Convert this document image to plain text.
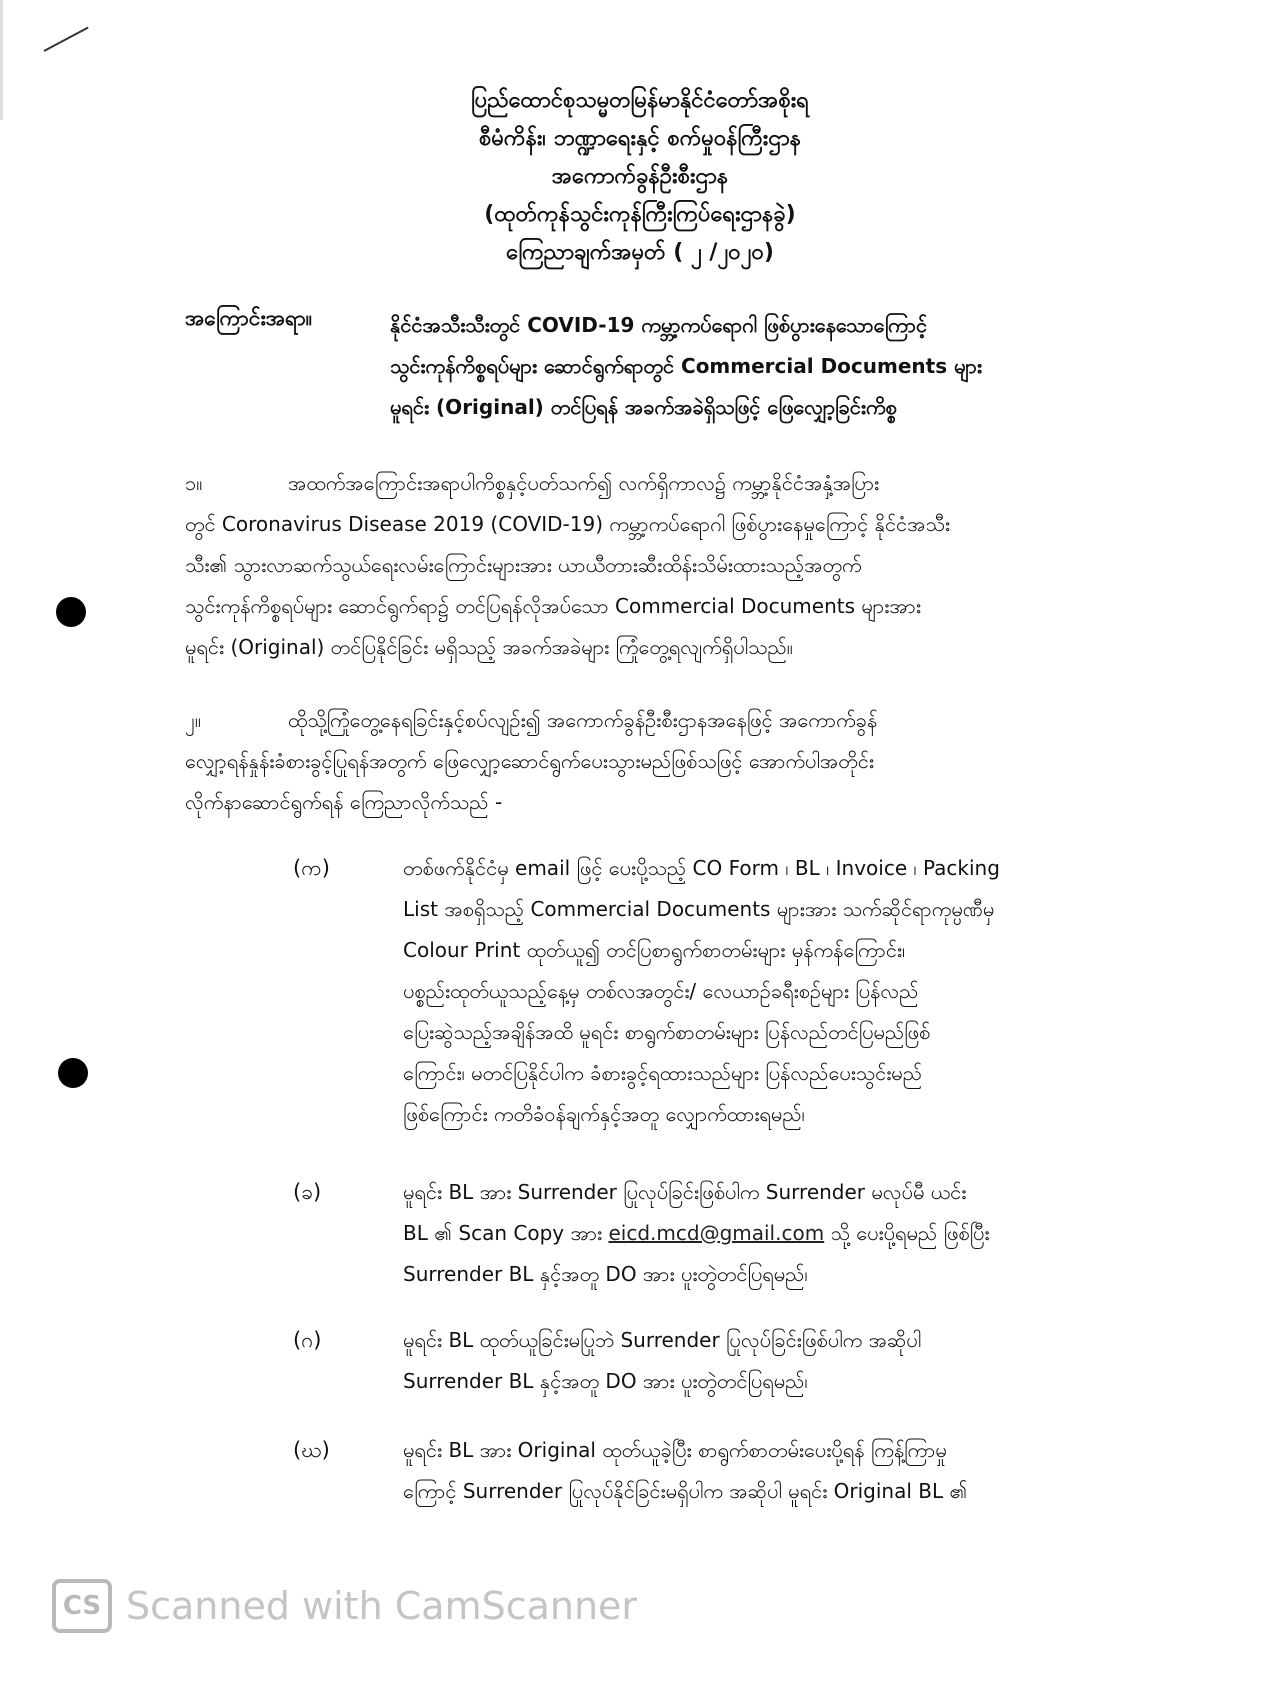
ပြည်ထောင်စုသမ္မတမြန်မာနိုင်ငံတော်အစိုးရ
စီမံကိန်း၊ ဘဏ္ဍာရေးနှင့် စက်မှုဝန်ကြီးဌာန
အကောက်ခွန်ဦးစီးဌာန
(ထုတ်ကုန်သွင်းကုန်ကြီးကြပ်ရေးဌာနခွဲ)
ကြေညာချက်အမှတ် ( ၂ /၂၀၂၀)
အကြောင်းအရာ။	နိုင်ငံအသီးသီးတွင် COVID-19 ကမ္ဘာ့ကပ်ရောဂါ ဖြစ်ပွားနေသောကြောင့်
သွင်းကုန်ကိစ္စရပ်များ ဆောင်ရွက်ရာတွင် Commercial Documents များ
မူရင်း (Original) တင်ပြရန် အခက်အခဲရှိသဖြင့် ဖြေလျှော့ခြင်းကိစ္စ
၁။	အထက်အကြောင်းအရာပါကိစ္စနှင့်ပတ်သက်၍ လက်ရှိကာလ၌ ကမ္ဘာ့နိုင်ငံအနှံ့အပြား
တွင် Coronavirus Disease 2019 (COVID-19) ကမ္ဘာ့ကပ်ရောဂါ ဖြစ်ပွားနေမှုကြောင့် နိုင်ငံအသီး
သီး၏ သွားလာဆက်သွယ်ရေးလမ်းကြောင်းများအား ယာယီတားဆီးထိန်းသိမ်းထားသည့်အတွက်
သွင်းကုန်ကိစ္စရပ်များ ဆောင်ရွက်ရာ၌ တင်ပြရန်လိုအပ်သော Commercial Documents များအား
မူရင်း (Original) တင်ပြနိုင်ခြင်း မရှိသည့် အခက်အခဲများ ကြုံတွေ့ရလျက်ရှိပါသည်။
၂။	ထိုသို့ကြုံတွေ့နေရခြင်းနှင့်စပ်လျဉ်း၍ အကောက်ခွန်ဦးစီးဌာနအနေဖြင့် အကောက်ခွန်
လျှော့ရန်နှုန်းခံစားခွင့်ပြုရန်အတွက် ဖြေလျှော့ဆောင်ရွက်ပေးသွားမည်ဖြစ်သဖြင့် အောက်ပါအတိုင်း
လိုက်နာဆောင်ရွက်ရန် ကြေညာလိုက်သည် -
(က)	တစ်ဖက်နိုင်ငံမှ email ဖြင့် ပေးပို့သည့် CO Form ၊ BL ၊ Invoice ၊ Packing
List အစရှိသည့် Commercial Documents များအား သက်ဆိုင်ရာကုမ္ပဏီမှ
Colour Print ထုတ်ယူ၍ တင်ပြစာရွက်စာတမ်းများ မှန်ကန်ကြောင်း၊
ပစ္စည်းထုတ်ယူသည့်နေ့မှ တစ်လအတွင်း/ လေယာဉ်ခရီးစဉ်များ ပြန်လည်
ပြေးဆွဲသည့်အချိန်အထိ မူရင်း စာရွက်စာတမ်းများ ပြန်လည်တင်ပြမည်ဖြစ်
ကြောင်း၊ မတင်ပြနိုင်ပါက ခံစားခွင့်ရထားသည်များ ပြန်လည်ပေးသွင်းမည်
ဖြစ်ကြောင်း ကတိခံဝန်ချက်နှင့်အတူ လျှောက်ထားရမည်၊
(ခ)	မူရင်း BL အား Surrender ပြုလုပ်ခြင်းဖြစ်ပါက Surrender မလုပ်မီ ယင်း
BL ၏ Scan Copy အား eicd.mcd@gmail.com သို့ ပေးပို့ရမည် ဖြစ်ပြီး
Surrender BL နှင့်အတူ DO အား ပူးတွဲတင်ပြရမည်၊
(ဂ)	မူရင်း BL ထုတ်ယူခြင်းမပြုဘဲ Surrender ပြုလုပ်ခြင်းဖြစ်ပါက အဆိုပါ
Surrender BL နှင့်အတူ DO အား ပူးတွဲတင်ပြရမည်၊
(ဃ)	မူရင်း BL အား Original ထုတ်ယူခဲ့ပြီး စာရွက်စာတမ်းပေးပို့ရန် ကြန့်ကြာမှု
ကြောင့် Surrender ပြုလုပ်နိုင်ခြင်းမရှိပါက အဆိုပါ မူရင်း Original BL ၏
CS Scanned with CamScanner
